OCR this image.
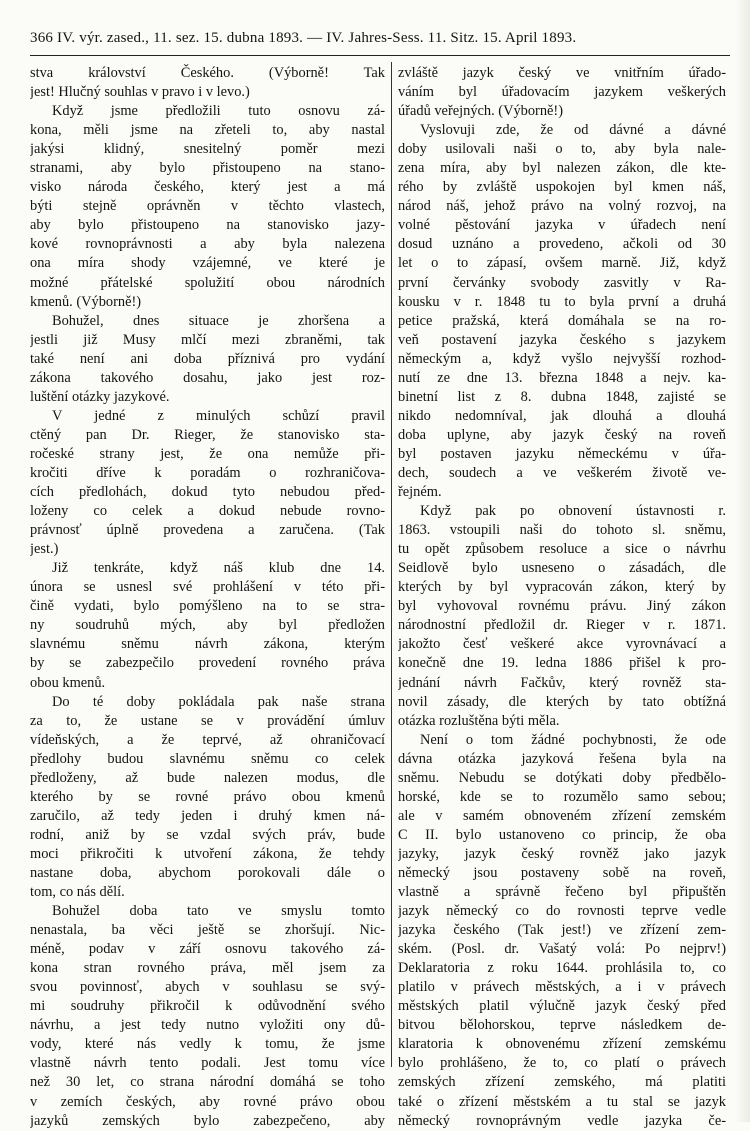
366 IV. výr. zased., 11. sez. 15. dubna 1893. — IV. Jahres-Sess. 11. Sitz. 15. April 1893.
stva království Českého. (Výborně! Tak
jest! Hlučný souhlas v pravo i v levo.)
Když jsme předložili tuto osnovu zá-
kona, měli jsme na zřeteli to, aby nastal
jakýsi klidný, snesitelný poměr mezi
stranami, aby bylo přistoupeno na stano-
visko národa českého, který jest a má
býti stejně oprávněn v těchto vlastech,
aby bylo přistoupeno na stanovisko jazy-
kové rovnoprávnosti a aby byla nalezena
ona míra shody vzájemné, ve které je
možné přátelské spolužití obou národních
kmenů. (Výborně!)
Bohužel, dnes situace je zhoršena a
jestli již Musy mlčí mezi zbraněmi, tak
také není ani doba příznivá pro vydání
zákona takového dosahu, jako jest roz-
luštění otázky jazykové.
V jedné z minulých schůzí pravil
ctěný pan Dr. Rieger, že stanovisko sta-
ročeské strany jest, že ona nemůže při-
kročiti dříve k poradám o rozhraničova-
cích předlohách, dokud tyto nebudou před-
loženy co celek a dokud nebude rovno-
právnosť úplně provedena a zaručena. (Tak
jest.)
Již tenkráte, když náš klub dne 14.
února se usnesl své prohlášení v této při-
čině vydati, bylo pomýšleno na to se stra-
ny soudruhů mých, aby byl předložen
slavnému sněmu návrh zákona, kterým
by se zabezpečilo provedení rovného práva
obou kmenů.
Do té doby pokládala pak naše strana
za to, že ustane se v provádění úmluv
vídeňských, a že teprvé, až ohraničovací
předlohy budou slavnému sněmu co celek
předloženy, až bude nalezen modus, dle
kterého by se rovné právo obou kmenů
zaručilo, až tedy jeden i druhý kmen ná-
rodní, aniž by se vzdal svých práv, bude
moci přikročiti k utvoření zákona, že tehdy
nastane doba, abychom porokovali dále o
tom, co nás dělí.
Bohužel doba tato ve smyslu tomto
nenastala, ba věci ještě se zhoršují. Nic-
méně, podav v září osnovu takového zá-
kona stran rovného práva, měl jsem za
svou povinnosť, abych v souhlasu se svý-
mi soudruhy přikročil k odůvodnění svého
návrhu, a jest tedy nutno vyložiti ony dů-
vody, které nás vedly k tomu, že jsme
vlastně návrh tento podali. Jest tomu více
než 30 let, co strana národní domáhá se toho
v zemích českých, aby rovné právo obou
jazyků zemských bylo zabezpečeno, aby
zvláště jazyk český ve vnitřním úřado-
váním byl úřadovacím jazykem veškerých
úřadů veřejných. (Výborně!)
Vyslovuji zde, že od dávné a dávné
doby usilovali naši o to, aby byla nale-
zena míra, aby byl nalezen zákon, dle kte-
rého by zvláště uspokojen byl kmen náš,
národ náš, jehož právo na volný rozvoj, na
volné pěstování jazyka v úřadech není
dosud uznáno a provedeno, ačkoli od 30
let o to zápasí, ovšem marně. Již, když
první červánky svobody zasvitly v Ra-
kousku v r. 1848 tu to byla první a druhá
petice pražská, která domáhala se na ro-
veň postavení jazyka českého s jazykem
německým a, když vyšlo nejvyšší rozhod-
nutí ze dne 13. března 1848 a nejv. ka-
binetní list z 8. dubna 1848, zajisté se
nikdo nedomníval, jak dlouhá a dlouhá
doba uplyne, aby jazyk český na roveň
byl postaven jazyku německému v úřa-
dech, soudech a ve veškerém životě ve-
řejném.
Když pak po obnovení ústavnosti r.
1863. vstoupili naši do tohoto sl. sněmu,
tu opět způsobem resoluce a sice o návrhu
Seidlově bylo usneseno o zásadách, dle
kterých by byl vypracován zákon, který by
byl vyhovoval rovnému právu. Jiný zákon
národnostní předložil dr. Rieger v r. 1871.
jakožto česť veškeré akce vyrovnávací a
konečně dne 19. ledna 1886 přišel k pro-
jednání návrh Fačkův, který rovněž sta-
novil zásady, dle kterých by tato obtížná
otázka rozluštěna býti měla.
Není o tom žádné pochybnosti, že ode
dávna otázka jazyková řešena byla na
sněmu. Nebudu se dotýkati doby předbělo-
horské, kde se to rozumělo samo sebou;
ale v samém obnoveném zřízení zemském
C II. bylo ustanoveno co princip, že oba
jazyky, jazyk český rovněž jako jazyk
německý jsou postaveny sobě na roveň,
vlastně a správně řečeno byl připuštěn
jazyk německý co do rovnosti teprve vedle
jazyka českého (Tak jest!) ve zřízení zem-
ském. (Posl. dr. Vašatý volá: Po nejprv!)
Deklaratoria z roku 1644. prohlásila to, co
platilo v právech městských, a i v právech
městských platil výlučně jazyk český před
bitvou bělohorskou, teprve následkem de-
klaratoria k obnovenému zřízení zemskému
bylo prohlášeno, že to, co platí o právech
zemských zřízení zemského, má platiti
také o zřízení městském a tu stal se jazyk
německý rovnoprávným vedle jazyka če-
